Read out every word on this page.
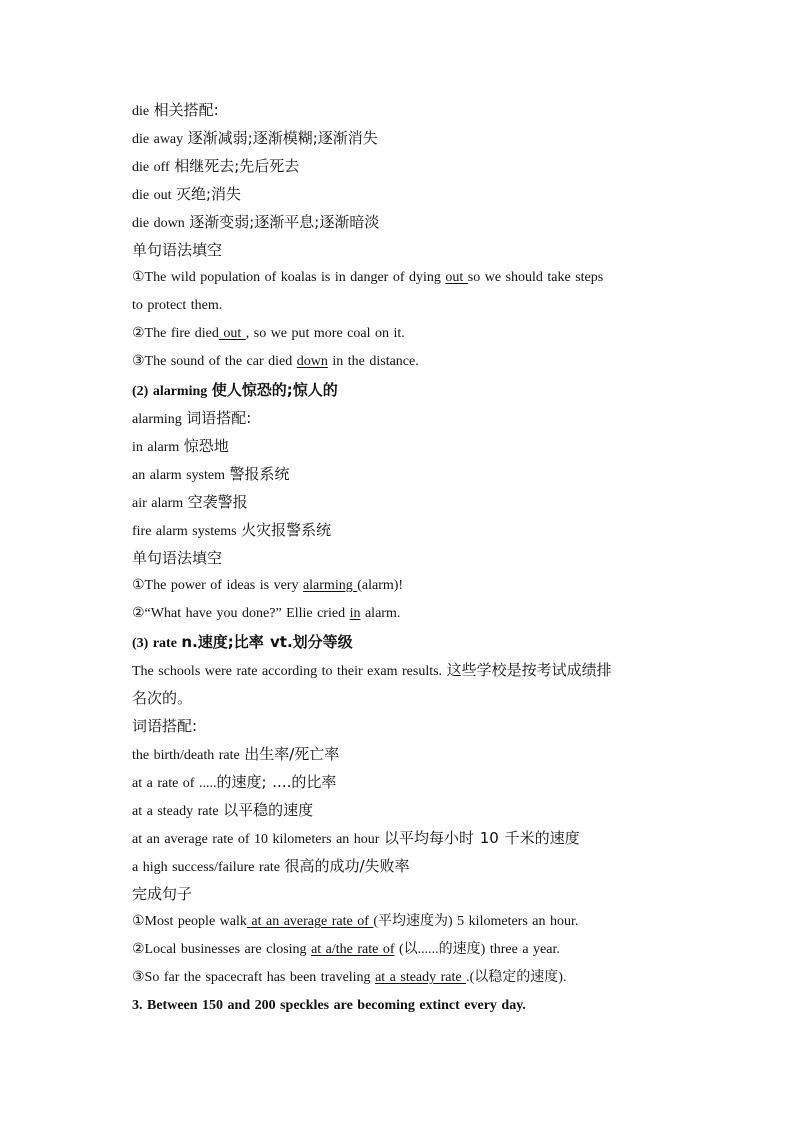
die 相关搭配:
die away 逐渐减弱;逐渐模糊;逐渐消失
die off 相继死去;先后死去
die out 灭绝;消失
die down 逐渐变弱;逐渐平息;逐渐暗淡
单句语法填空
①The wild population of koalas is in danger of dying out so we should take steps
to protect them.
②The fire died out , so we put more coal on it.
③The sound of the car died down in the distance.
(2) alarming 使人惊恐的;惊人的
alarming 词语搭配:
in alarm 惊恐地
an alarm system 警报系统
air alarm 空袭警报
fire alarm systems 火灾报警系统
单句语法填空
①The power of ideas is very alarming (alarm)!
②“What have you done?” Ellie cried in alarm.
(3) rate n.速度;比率 vt.划分等级
The schools were rate according to their exam results. 这些学校是按考试成绩排
名次的。
词语搭配:
the birth/death rate 出生率/死亡率
at a rate of .....的速度; ....的比率
at a steady rate 以平稳的速度
at an average rate of 10 kilometers an hour 以平均每小时 10 千米的速度
a high success/failure rate 很高的成功/失败率
完成句子
①Most people walk at an average rate of (平均速度为) 5 kilometers an hour.
②Local businesses are closing at a/the rate of (以......的速度) three a year.
③So far the spacecraft has been traveling at a steady rate .(以稳定的速度).
3. Between 150 and 200 speckles are becoming extinct every day.
